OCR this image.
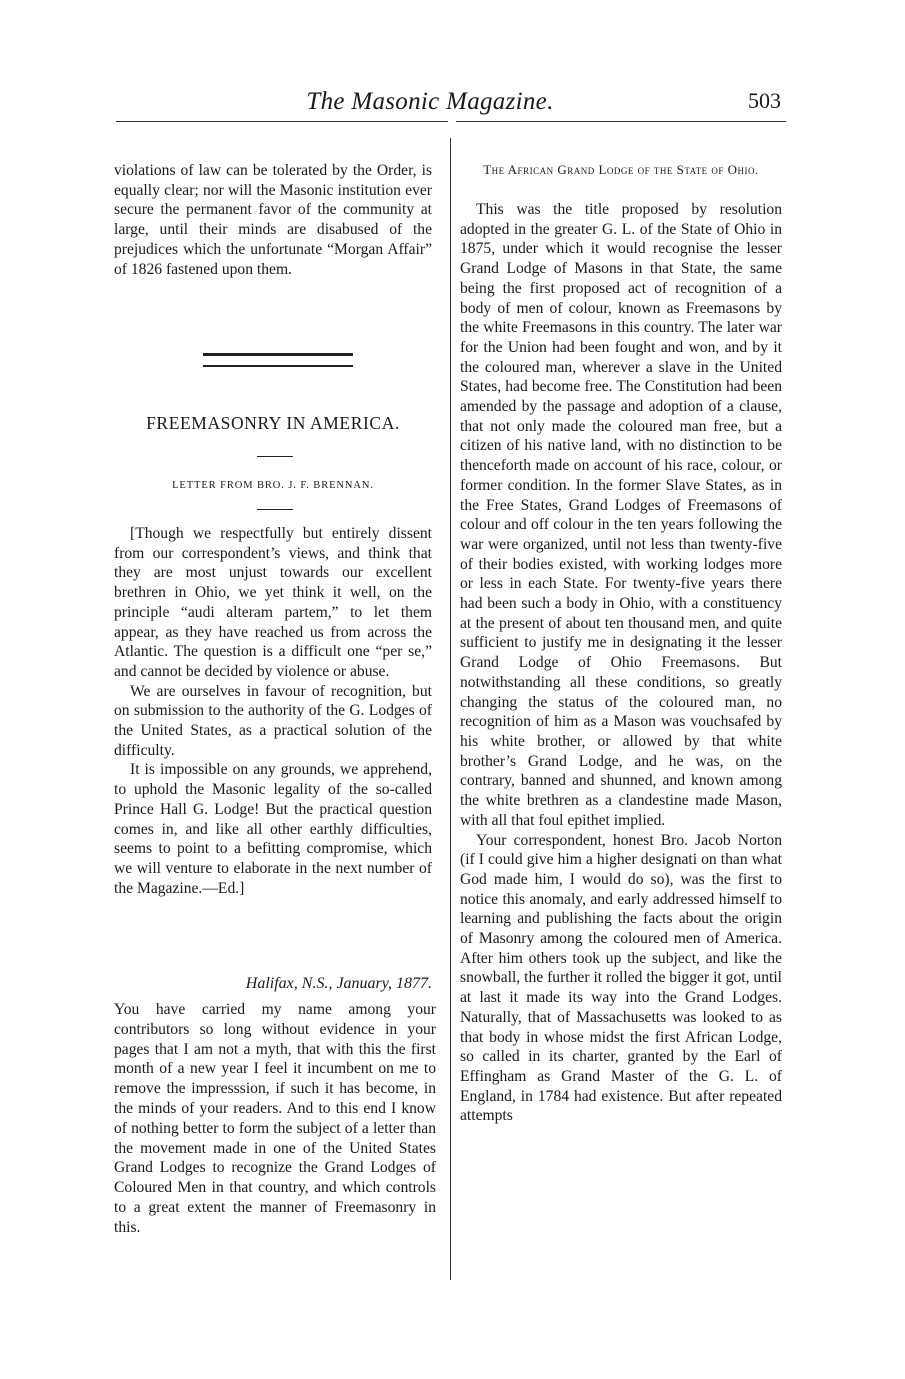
The Masonic Magazine.	503

violations of law can be tolerated by the Order, is equally clear; nor will the Masonic institution ever secure the permanent favor of the community at large, until their minds are disabused of the prejudices which the unfortunate “Morgan Affair” of 1826 fastened upon them.

FREEMASONRY IN AMERICA.
LETTER FROM BRO. J. F. BRENNAN.

[Though we respectfully but entirely dissent from our correspondent’s views, and think that they are most unjust towards our excellent brethren in Ohio, we yet think it well, on the principle “audi alteram partem,” to let them appear, as they have reached us from across the Atlantic. The question is a difficult one “per se,” and cannot be decided by violence or abuse.

We are ourselves in favour of recognition, but on submission to the authority of the G. Lodges of the United States, as a practical solution of the difficulty.

It is impossible on any grounds, we apprehend, to uphold the Masonic legality of the so-called Prince Hall G. Lodge! But the practical question comes in, and like all other earthly difficulties, seems to point to a befitting compromise, which we will venture to elaborate in the next number of the Magazine.—Ed.]

Halifax, N.S., January, 1877.

You have carried my name among your contributors so long without evidence in your pages that I am not a myth, that with this the first month of a new year I feel it incumbent on me to remove the impresssion, if such it has become, in the minds of your readers. And to this end I know of nothing better to form the subject of a letter than the movement made in one of the United States Grand Lodges to recognize the Grand Lodges of Coloured Men in that country, and which controls to a great extent the manner of Freemasonry in this.

The African Grand Lodge of the State of Ohio.

This was the title proposed by resolution adopted in the greater G. L. of the State of Ohio in 1875, under which it would recognise the lesser Grand Lodge of Masons in that State, the same being the first proposed act of recognition of a body of men of colour, known as Freemasons by the white Freemasons in this country. The later war for the Union had been fought and won, and by it the coloured man, wherever a slave in the United States, had become free. The Constitution had been amended by the passage and adoption of a clause, that not only made the coloured man free, but a citizen of his native land, with no distinction to be thenceforth made on account of his race, colour, or former condition. In the former Slave States, as in the Free States, Grand Lodges of Freemasons of colour and off colour in the ten years following the war were organized, until not less than twenty-five of their bodies existed, with working lodges more or less in each State. For twenty-five years there had been such a body in Ohio, with a constituency at the present of about ten thousand men, and quite sufficient to justify me in designating it the lesser Grand Lodge of Ohio Freemasons. But notwithstanding all these conditions, so greatly changing the status of the coloured man, no recognition of him as a Mason was vouchsafed by his white brother, or allowed by that white brother’s Grand Lodge, and he was, on the contrary, banned and shunned, and known among the white brethren as a clandestine made Mason, with all that foul epithet implied.

Your correspondent, honest Bro. Jacob Norton (if I could give him a higher designati on than what God made him, I would do so), was the first to notice this anomaly, and early addressed himself to learning and publishing the facts about the origin of Masonry among the coloured men of America. After him others took up the subject, and like the snowball, the further it rolled the bigger it got, until at last it made its way into the Grand Lodges. Naturally, that of Massachusetts was looked to as that body in whose midst the first African Lodge, so called in its charter, granted by the Earl of Effingham as Grand Master of the G. L. of England, in 1784 had existence. But after repeated attempts
